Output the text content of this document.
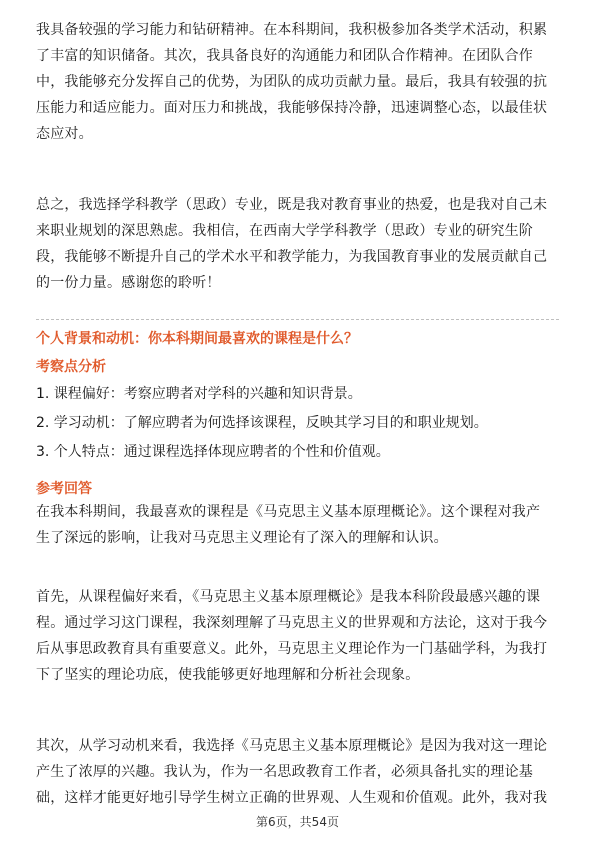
我具备较强的学习能力和钻研精神。在本科期间，我积极参加各类学术活动，积累
了丰富的知识储备。其次，我具备良好的沟通能力和团队合作精神。在团队合作
中，我能够充分发挥自己的优势，为团队的成功贡献力量。最后，我具有较强的抗
压能力和适应能力。面对压力和挑战，我能够保持冷静，迅速调整心态，以最佳状
态应对。

总之，我选择学科教学（思政）专业，既是我对教育事业的热爱，也是我对自己未
来职业规划的深思熟虑。我相信，在西南大学学科教学（思政）专业的研究生阶
段，我能够不断提升自己的学术水平和教学能力，为我国教育事业的发展贡献自己
的一份力量。感谢您的聆听！

个人背景和动机：你本科期间最喜欢的课程是什么？

考察点分析

1. 课程偏好：考察应聘者对学科的兴趣和知识背景。

2. 学习动机：了解应聘者为何选择该课程，反映其学习目的和职业规划。

3. 个人特点：通过课程选择体现应聘者的个性和价值观。

参考回答

在我本科期间，我最喜欢的课程是《马克思主义基本原理概论》。这个课程对我产
生了深远的影响，让我对马克思主义理论有了深入的理解和认识。

首先，从课程偏好来看，《马克思主义基本原理概论》是我本科阶段最感兴趣的课
程。通过学习这门课程，我深刻理解了马克思主义的世界观和方法论，这对于我今
后从事思政教育具有重要意义。此外，马克思主义理论作为一门基础学科，为我打
下了坚实的理论功底，使我能够更好地理解和分析社会现象。

其次，从学习动机来看，我选择《马克思主义基本原理概论》是因为我对这一理论
产生了浓厚的兴趣。我认为，作为一名思政教育工作者，必须具备扎实的理论基
础，这样才能更好地引导学生树立正确的世界观、人生观和价值观。此外，我对我

第6页，共54页
